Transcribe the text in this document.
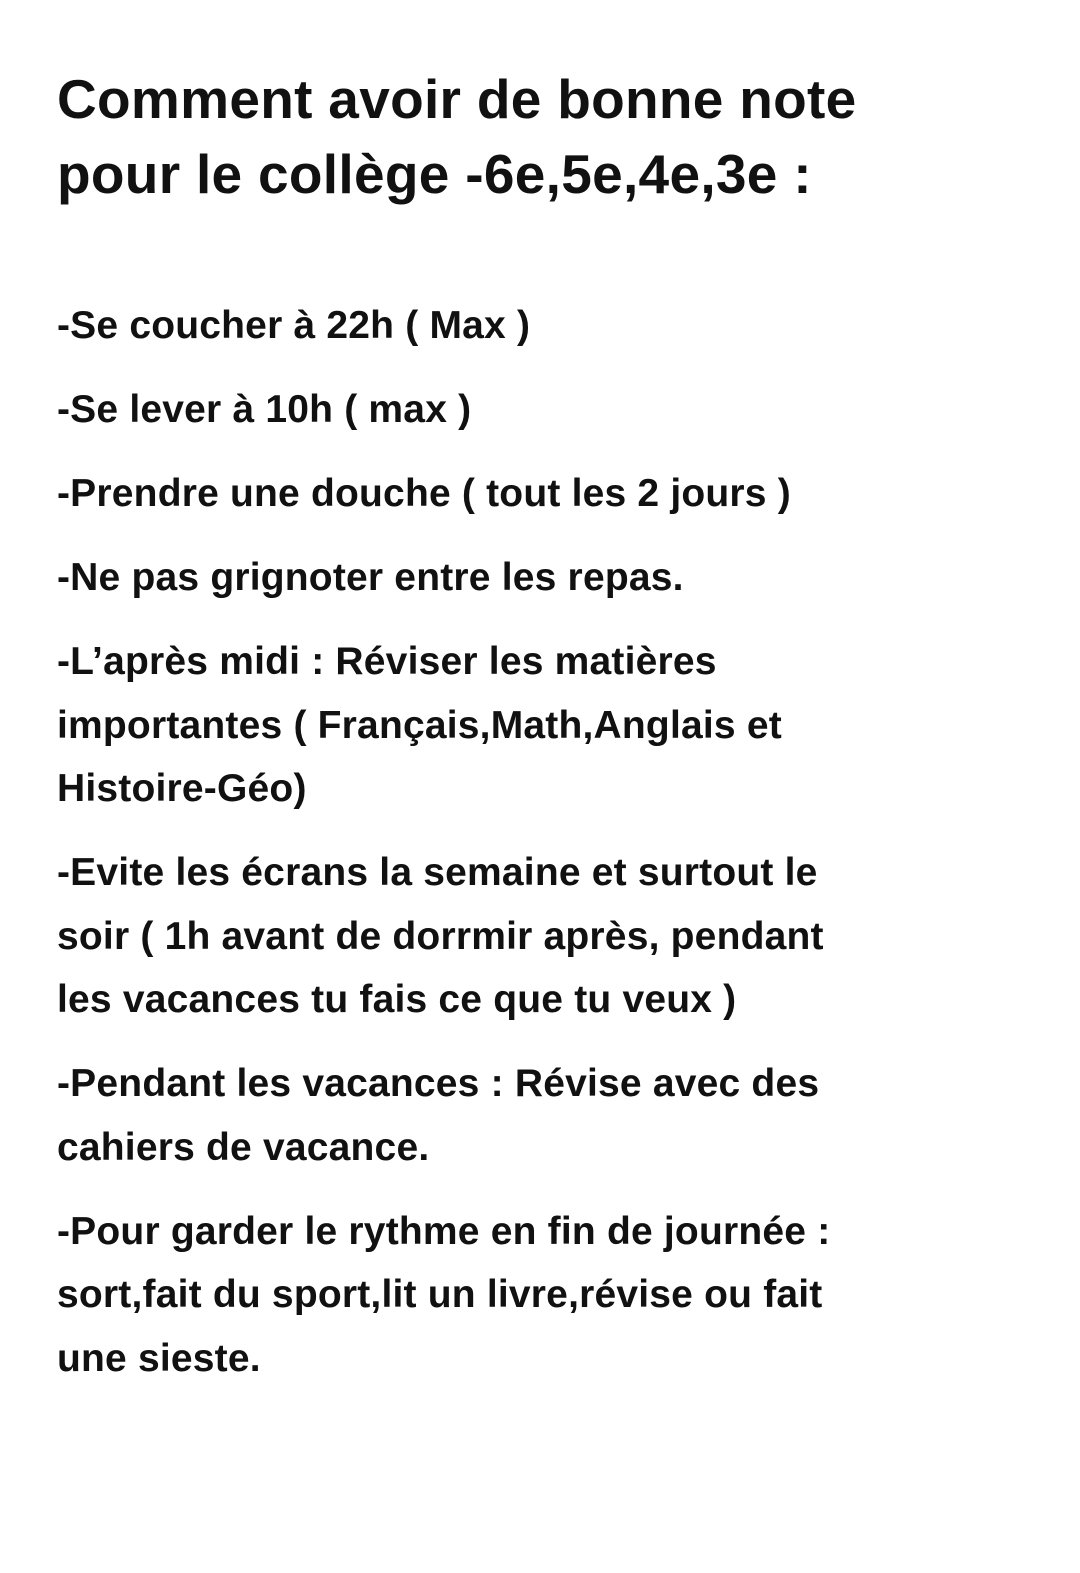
Comment avoir de bonne note
pour le collège -6e,5e,4e,3e :
-Se coucher à 22h ( Max )
-Se lever à 10h ( max )
-Prendre une douche ( tout les 2 jours )
-Ne pas grignoter entre les repas.
-L’après midi : Réviser les matières
importantes ( Français,Math,Anglais et
Histoire-Géo)
-Evite les écrans la semaine et surtout le
soir ( 1h avant de dorrmir après, pendant
les vacances tu fais ce que tu veux )
-Pendant les vacances : Révise avec des
cahiers de vacance.
-Pour garder le rythme en fin de journée :
sort,fait du sport,lit un livre,révise ou fait
une sieste.
